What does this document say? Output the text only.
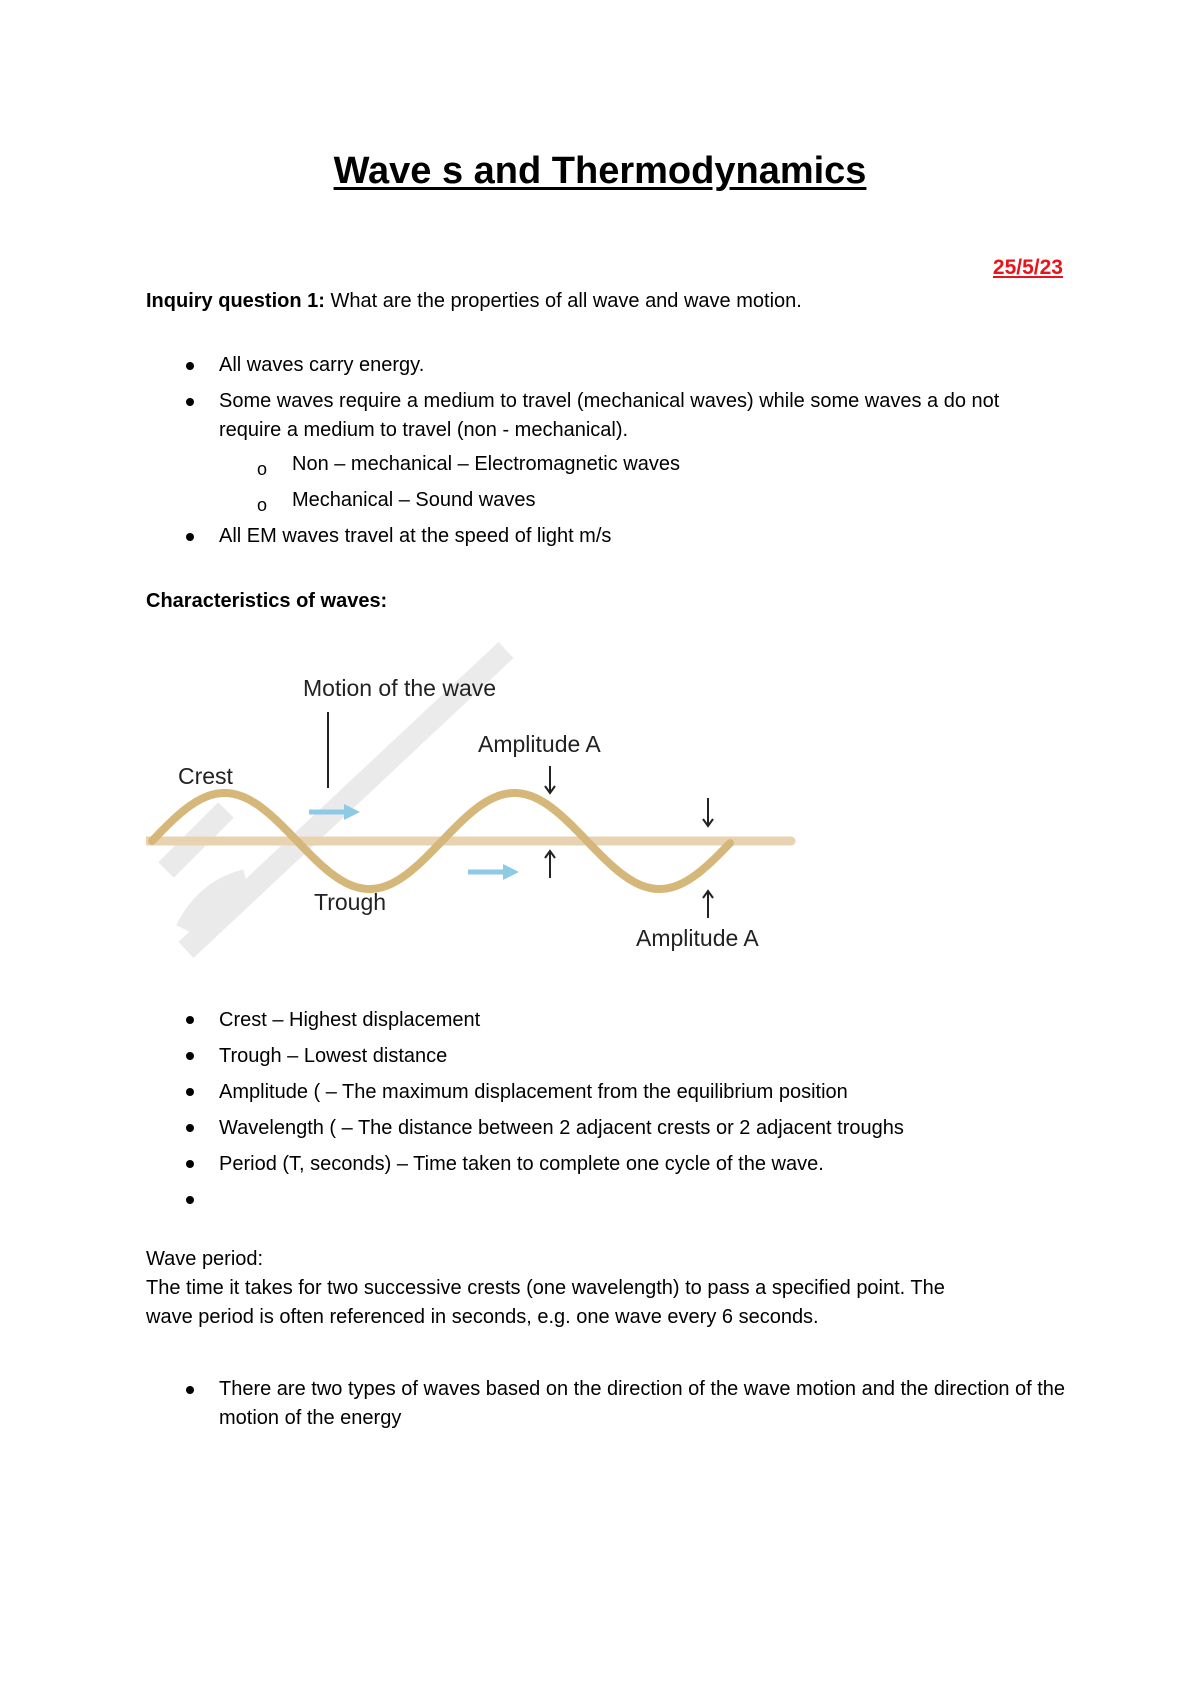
Wave s and Thermodynamics
25/5/23
Inquiry question 1: What are the properties of all wave and wave motion.
All waves carry energy.
Some waves require a medium to travel (mechanical waves) while some waves a do not require a medium to travel (non - mechanical).
o Non – mechanical – Electromagnetic waves
o Mechanical – Sound waves
All EM waves travel at the speed of light m/s
Characteristics of waves:
Motion of the wave
Crest
Trough
Amplitude A
Amplitude A
Crest – Highest displacement
Trough – Lowest distance
Amplitude ( – The maximum displacement from the equilibrium position
Wavelength ( – The distance between 2 adjacent crests or 2 adjacent troughs
Period (T, seconds) – Time taken to complete one cycle of the wave.
Wave period:
The time it takes for two successive crests (one wavelength) to pass a specified point. The
wave period is often referenced in seconds, e.g. one wave every 6 seconds.
There are two types of waves based on the direction of the wave motion and the direction of the motion of the energy
